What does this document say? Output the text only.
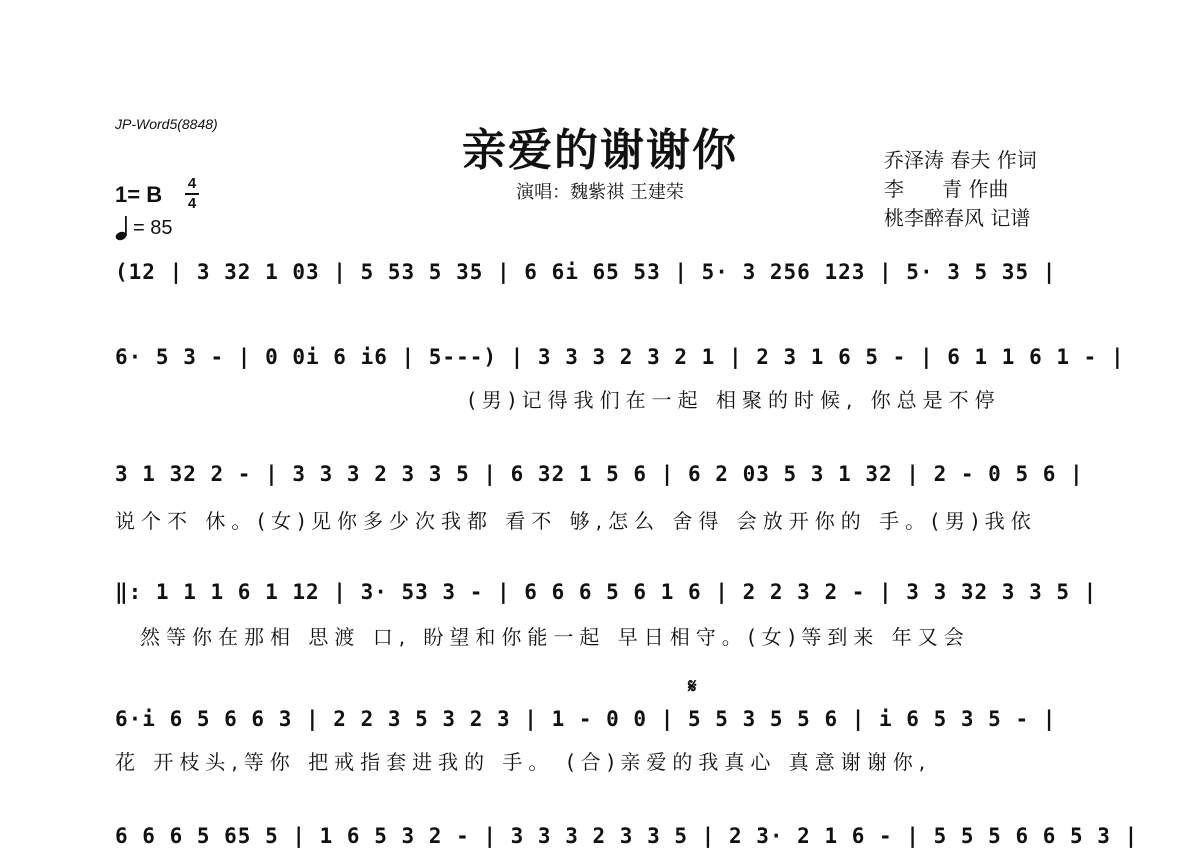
JP-Word5(8848)
亲爱的谢谢你
演唱：魏紫祺 王建荣
乔泽涛 春夫 作词
李      青 作曲
桃李醉春风 记谱
1= B 4
4
= 85
(12 | 3 32 1 03 | 5 53 5 35 | 6 6i 65 53 | 5· 3 256 123 | 5· 3 5 35 |
6· 5 3 - | 0 0i 6 i6 | 5---) | 3 3 3 2 3 2 1 | 2 3 1 6 5 - | 6 1 1 6 1 - |
(男)记得我们在一起 相聚的时候, 你总是不停
3 1 32 2 - | 3 3 3 2 3 3 5 | 6 32 1 5 6 | 6 2 03 5 3 1 32 | 2 - 0 5 6 |
说个不 休。(女)见你多少次我都 看不 够,怎么 舍得 会放开你的 手。(男)我依
‖: 1 1 1 6 1 12 | 3· 53 3 - | 6 6 6 5 6 1 6 | 2 2 3 2 - | 3 3 32 3 3 5 |
然等你在那相 思渡 口, 盼望和你能一起 早日相守。(女)等到来 年又会
𝄋
6·i 6 5 6 6 3 | 2 2 3 5 3 2 3 | 1 - 0 0 | 5 5 3 5 5 6 | i 6 5 3 5 - |
花 开枝头,等你 把戒指套进我的 手。 (合)亲爱的我真心 真意谢谢你,
6 6 6 5 65 5 | 1 6 5 3 2 - | 3 3 3 2 3 3 5 | 2 3· 2 1 6 - | 5 5 5 6 6 5 3 |
